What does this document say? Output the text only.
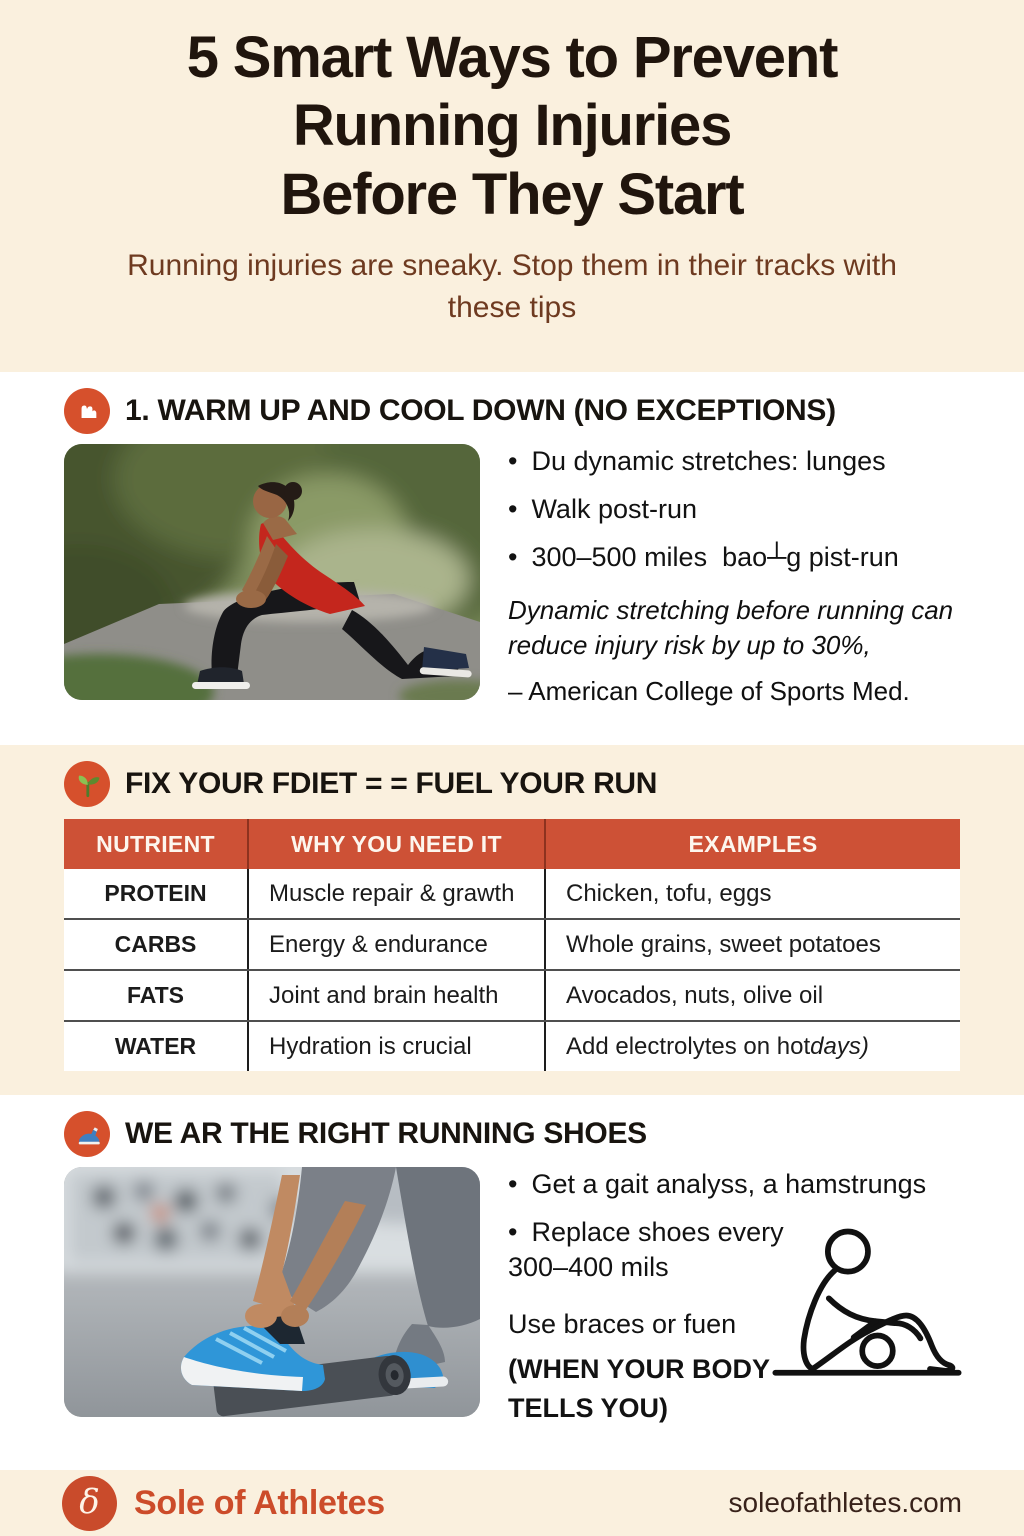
5 Smart Ways to Prevent
Running Injuries
Before They Start

Running injuries are sneaky. Stop them in their tracks with these tips

1. WARM UP AND COOL DOWN (NO EXCEPTIONS)
• Du dynamic stretches: lunges
• Walk post-run
• 300–500 miles  bao┴g pist-run

Dynamic stretching before running can reduce injury risk by up to 30%,

– American College of Sports Med.

FIX YOUR FDIET = = FUEL YOUR RUN
NUTRIENT	WHY YOU NEED IT	EXAMPLES
PROTEIN	Muscle repair & grawth	Chicken, tofu, eggs
CARBS	Energy & endurance	Whole grains, sweet potatoes
FATS	Joint and brain health	Avocados, nuts, olive oil
WATER	Hydration is crucial	Add electrolytes on hot days)
WE AR THE RIGHT RUNNING SHOES
• Get a gait analyss, a hamstrungs
• Replace shoes every 300–400 mils

Use braces or fuen

(WHEN YOUR BODY TELLS YOU)

δ Sole of Athletes	soleofathletes.com
